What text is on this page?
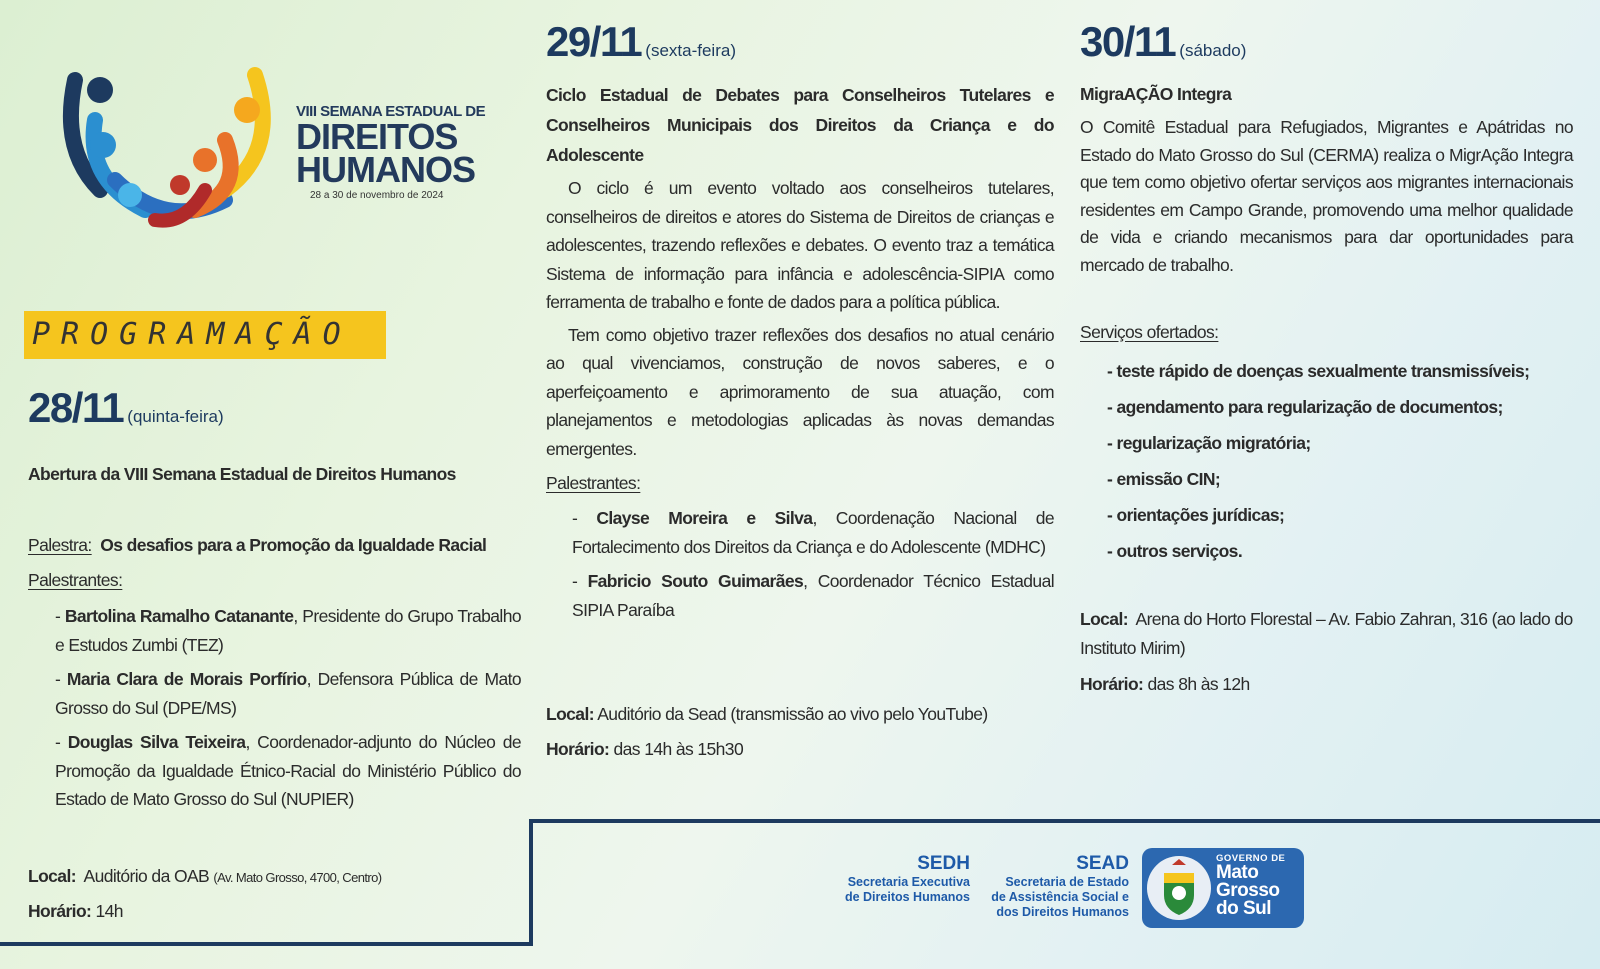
VIII SEMANA ESTADUAL DE
DIREITOS
HUMANOS
28 a 30 de novembro de 2024
PROGRAMAÇÃO
28/11 (quinta-feira)
Abertura da VIII Semana Estadual de Direitos Humanos
Palestra: Os desafios para a Promoção da Igualdade Racial
Palestrantes:

- Bartolina Ramalho Catanante, Presidente do Grupo Trabalho e Estudos Zumbi (TEZ)

- Maria Clara de Morais Porfírio, Defensora Pública de Mato Grosso do Sul (DPE/MS)

- Douglas Silva Teixeira, Coordenador-adjunto do Núcleo de Promoção da Igualdade Étnico-Racial do Ministério Público do Estado de Mato Grosso do Sul (NUPIER)

Local: Auditório da OAB (Av. Mato Grosso, 4700, Centro)
Horário: 14h
29/11 (sexta-feira)
Ciclo Estadual de Debates para Conselheiros Tutelares e Conselheiros Municipais dos Direitos da Criança e do Adolescente

O ciclo é um evento voltado aos conselheiros tutelares, conselheiros de direitos e atores do Sistema de Direitos de crianças e adolescentes, trazendo reflexões e debates. O evento traz a temática Sistema de informação para infância e adolescência-SIPIA como ferramenta de trabalho e fonte de dados para a política pública.

Tem como objetivo trazer reflexões dos desafios no atual cenário ao qual vivenciamos, construção de novos saberes, e o aperfeiçoamento e aprimoramento de sua atuação, com planejamentos e metodologias aplicadas às novas demandas emergentes.

Palestrantes:

- Clayse Moreira e Silva, Coordenação Nacional de Fortalecimento dos Direitos da Criança e do Adolescente (MDHC)

- Fabricio Souto Guimarães, Coordenador Técnico Estadual SIPIA Paraíba

Local: Auditório da Sead (transmissão ao vivo pelo YouTube)
Horário: das 14h às 15h30
30/11 (sábado)
MigraAÇÃO Integra
O Comitê Estadual para Refugiados, Migrantes e Apátridas no Estado do Mato Grosso do Sul (CERMA) realiza o MigrAção Integra que tem como objetivo ofertar serviços aos migrantes internacionais residentes em Campo Grande, promovendo uma melhor qualidade de vida e criando mecanismos para dar oportunidades para mercado de trabalho.
Serviços ofertados:
- teste rápido de doenças sexualmente transmissíveis;
- agendamento para regularização de documentos;
- regularização migratória;
- emissão CIN;
- orientações jurídicas;
- outros serviços.
Local: Arena do Horto Florestal – Av. Fabio Zahran, 316 (ao lado do Instituto Mirim)
Horário: das 8h às 12h
SEDH
Secretaria Executiva
de Direitos Humanos
SEAD
Secretaria de Estado
de Assistência Social e
dos Direitos Humanos
GOVERNO DE
Mato
Grosso
do Sul
